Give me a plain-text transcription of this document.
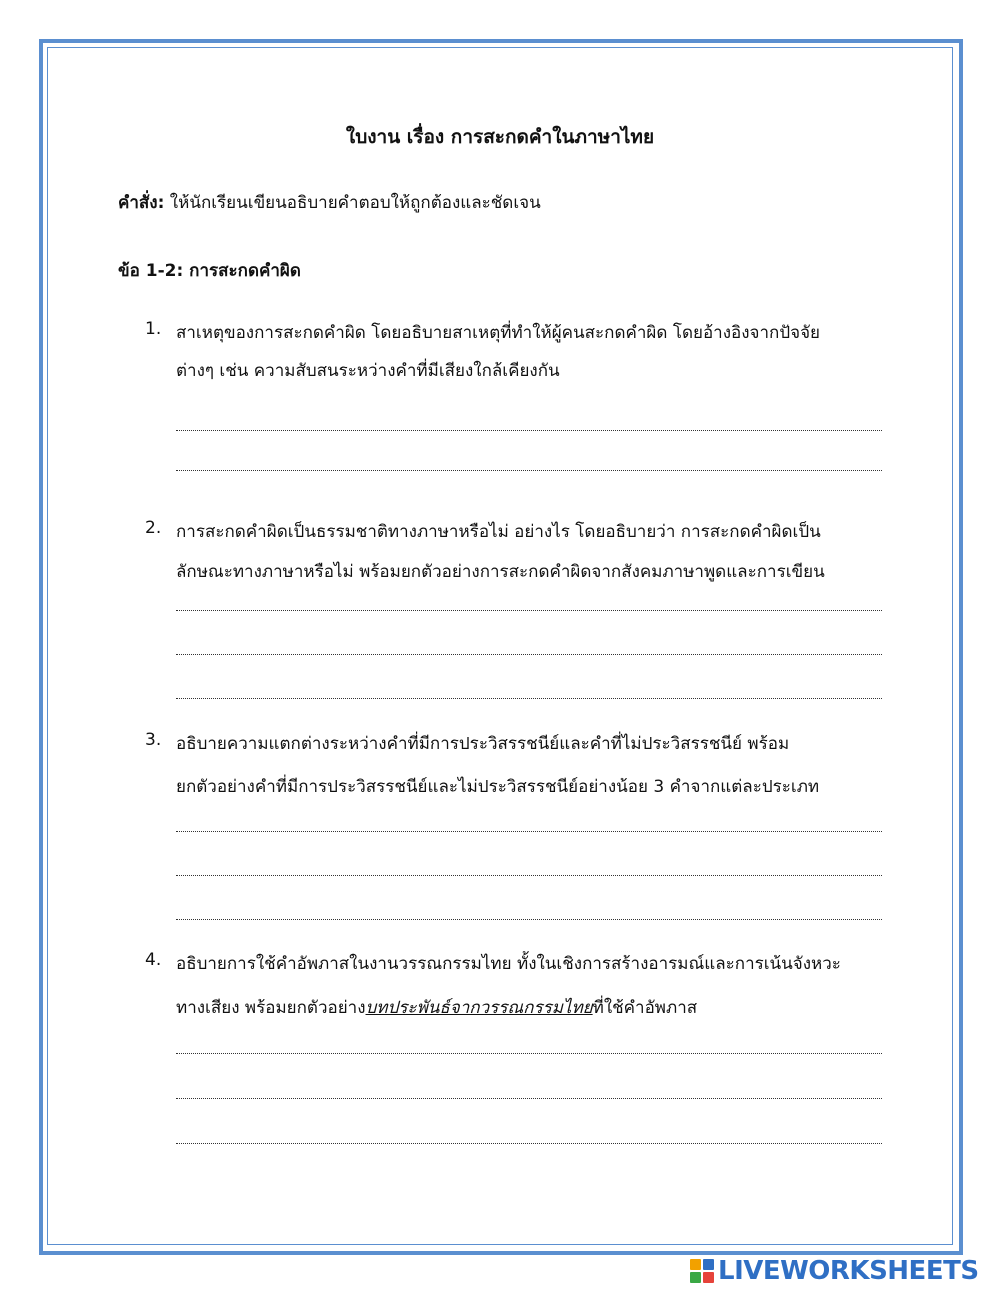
ใบงาน เรื่อง การสะกดคำในภาษาไทย
คำสั่ง: ให้นักเรียนเขียนอธิบายคำตอบให้ถูกต้องและชัดเจน
ข้อ 1-2: การสะกดคำผิด
1. สาเหตุของการสะกดคำผิด โดยอธิบายสาเหตุที่ทำให้ผู้คนสะกดคำผิด โดยอ้างอิงจากปัจจัย
ต่างๆ เช่น ความสับสนระหว่างคำที่มีเสียงใกล้เคียงกัน
2. การสะกดคำผิดเป็นธรรมชาติทางภาษาหรือไม่ อย่างไร โดยอธิบายว่า การสะกดคำผิดเป็น
ลักษณะทางภาษาหรือไม่ พร้อมยกตัวอย่างการสะกดคำผิดจากสังคมภาษาพูดและการเขียน
3. อธิบายความแตกต่างระหว่างคำที่มีการประวิสรรชนีย์และคำที่ไม่ประวิสรรชนีย์ พร้อม
ยกตัวอย่างคำที่มีการประวิสรรชนีย์และไม่ประวิสรรชนีย์อย่างน้อย 3 คำจากแต่ละประเภท
4. อธิบายการใช้คำอัพภาสในงานวรรณกรรมไทย ทั้งในเชิงการสร้างอารมณ์และการเน้นจังหวะ
ทางเสียง พร้อมยกตัวอย่างบทประพันธ์จากวรรณกรรมไทยที่ใช้คำอัพภาส
LIVEWORKSHEETS
